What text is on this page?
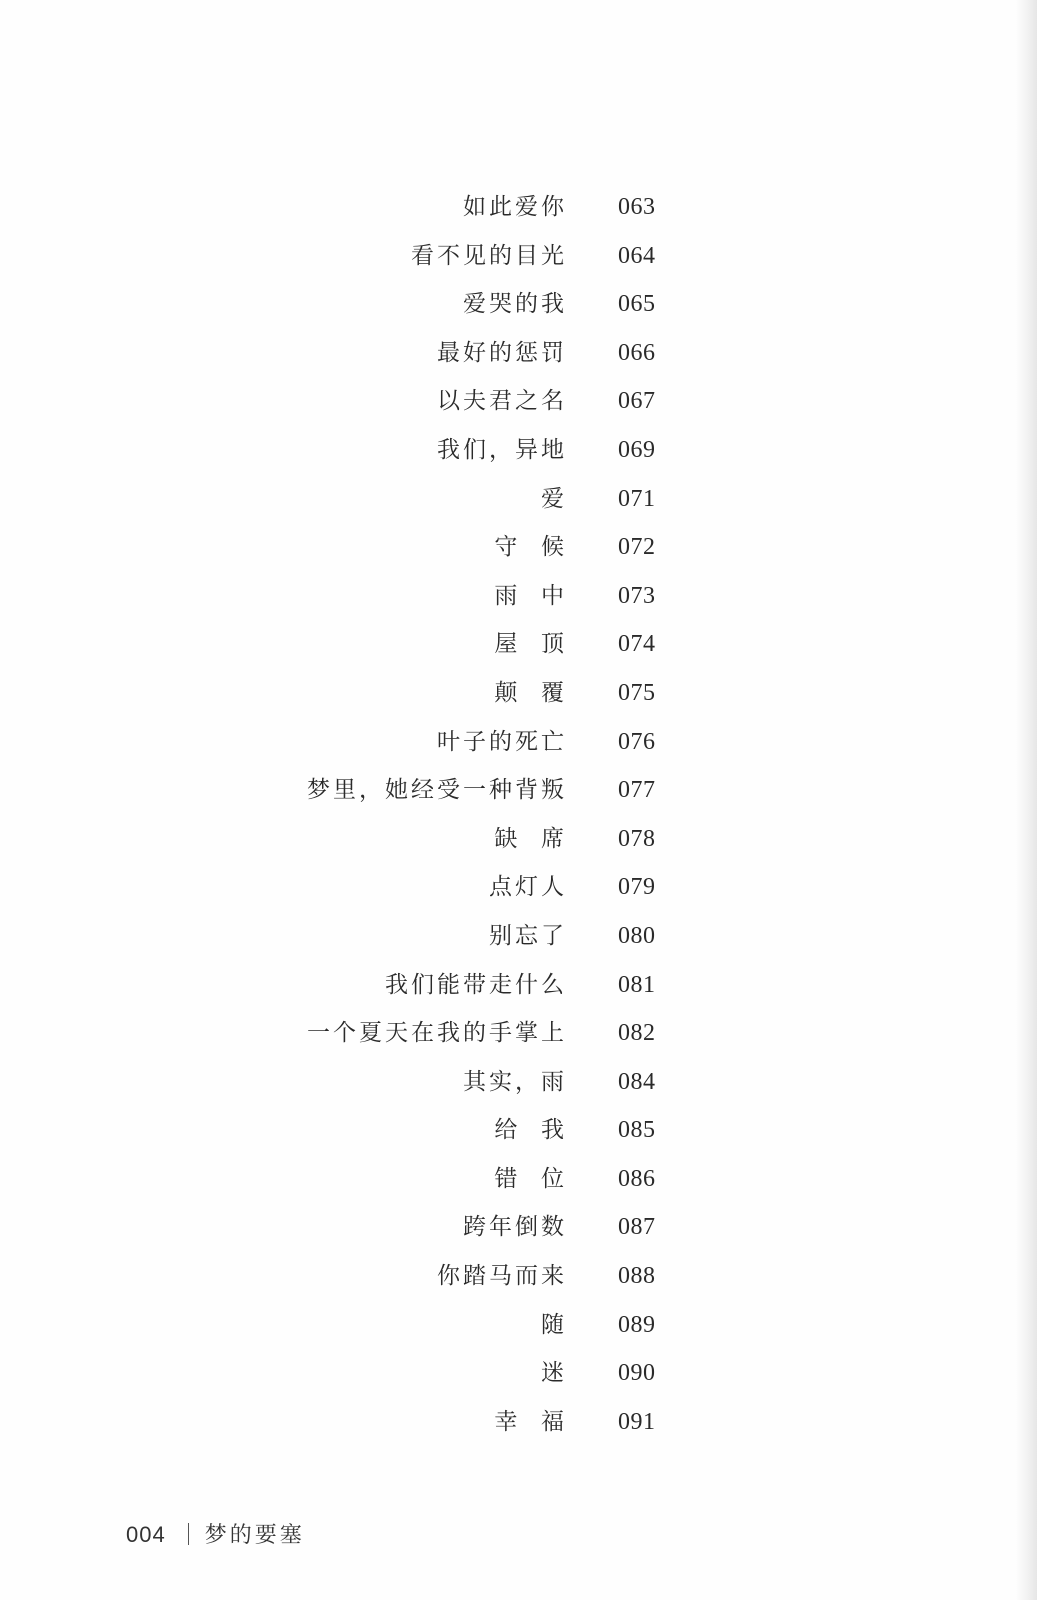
如此爱你 063
看不见的目光 064
爱哭的我 065
最好的惩罚 066
以夫君之名 067
我们，异地 069
爱 071
守  候 072
雨  中 073
屋  顶 074
颠  覆 075
叶子的死亡 076
梦里，她经受一种背叛 077
缺  席 078
点灯人 079
别忘了 080
我们能带走什么 081
一个夏天在我的手掌上 082
其实，雨 084
给  我 085
错  位 086
跨年倒数 087
你踏马而来 088
随 089
迷 090
幸  福 091

004 梦的要塞
